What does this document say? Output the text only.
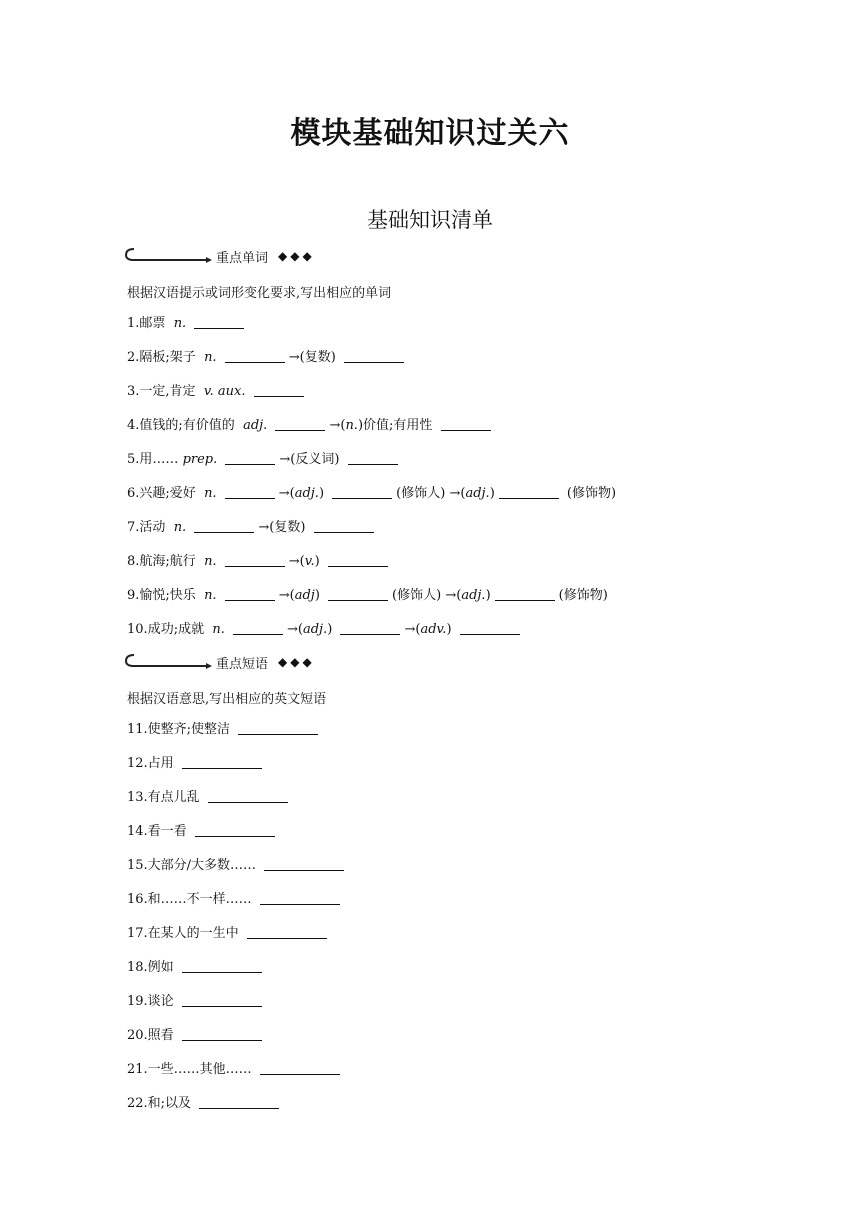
模块基础知识过关六
基础知识清单
重点单词 ◆◆◆
根据汉语提示或词形变化要求,写出相应的单词
1.邮票 n.
2.隔板;架子 n.	→(复数)
3.一定,肯定 v. aux.
4.值钱的;有价值的 adj.	→(n.)价值;有用性
5.用…… prep.	→(反义词)
6.兴趣;爱好 n.	→(adj.)	(修饰人) →(adj.)	(修饰物)
7.活动 n.	→(复数)
8.航海;航行 n.	→(v.)
9.愉悦;快乐 n.	→(adj)	(修饰人) →(adj.)	(修饰物)
10.成功;成就 n.	→(adj.)	→(adv.)
重点短语 ◆◆◆
根据汉语意思,写出相应的英文短语
11.使整齐;使整洁
12.占用
13.有点儿乱
14.看一看
15.大部分/大多数……
16.和……不一样……
17.在某人的一生中
18.例如
19.谈论
20.照看
21.一些……其他……
22.和;以及
